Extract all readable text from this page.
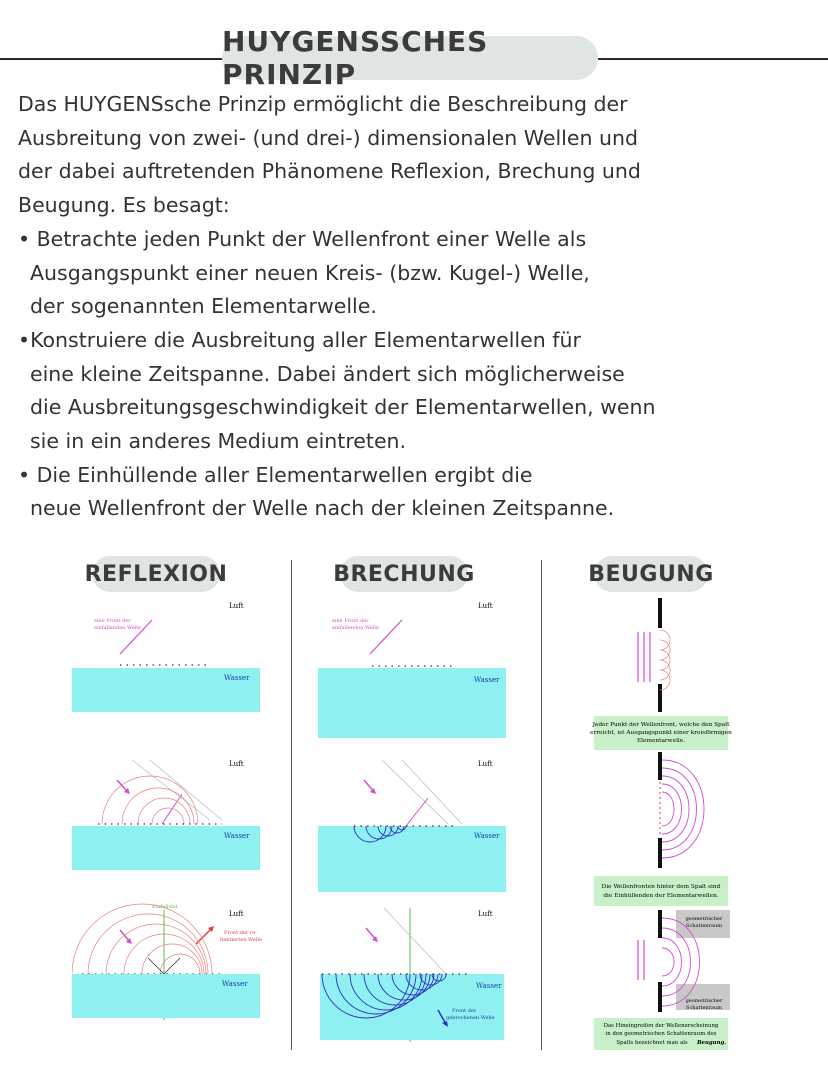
HUYGENSSCHES PRINZIP

Das HUYGENSsche Prinzip ermöglicht die Beschreibung der

Ausbreitung von zwei- (und drei-) dimensionalen Wellen und

der dabei auftretenden Phänomene Reflexion, Brechung und

Beugung. Es besagt:

• Betrachte jeden Punkt der Wellenfront einer Welle als

Ausgangspunkt einer neuen Kreis- (bzw. Kugel-) Welle,

der sogenannten Elementarwelle.

•Konstruiere die Ausbreitung aller Elementarwellen für

eine kleine Zeitspanne. Dabei ändert sich möglicherweise

die Ausbreitungsgeschwindigkeit der Elementarwellen, wenn

sie in ein anderes Medium eintreten.

• Die Einhüllende aller Elementarwellen ergibt die

neue Wellenfront der Welle nach der kleinen Zeitspanne.

REFLEXION	BRECHUNG	BEUGUNG
Luft
eine Front der
einfallenden Welle
Wasser
Luft
Wasser
Luft
Einfallslot
Front der re-
flektierten Welle
Wasser
Luft
eine Front der
einfallenden Welle
Wasser
Luft
Wasser
Luft
Wasser
Front der
gebrochenen Welle
Jeder Punkt der Wellenfront, welche den Spalt
erreicht, ist Ausgangspunkt einer kreisförmigen
Elementarwelle.
Die Wellenfronten hinter dem Spalt sind
die Einhüllenden der Elementarwellen.
geometrischer
Schattenraum
geometrischer
Schattenraum
Das Hineingreifen der Wellenerscheinung
in den geometrischen Schattenraum des
Spalts bezeichnet man als Beugung.
